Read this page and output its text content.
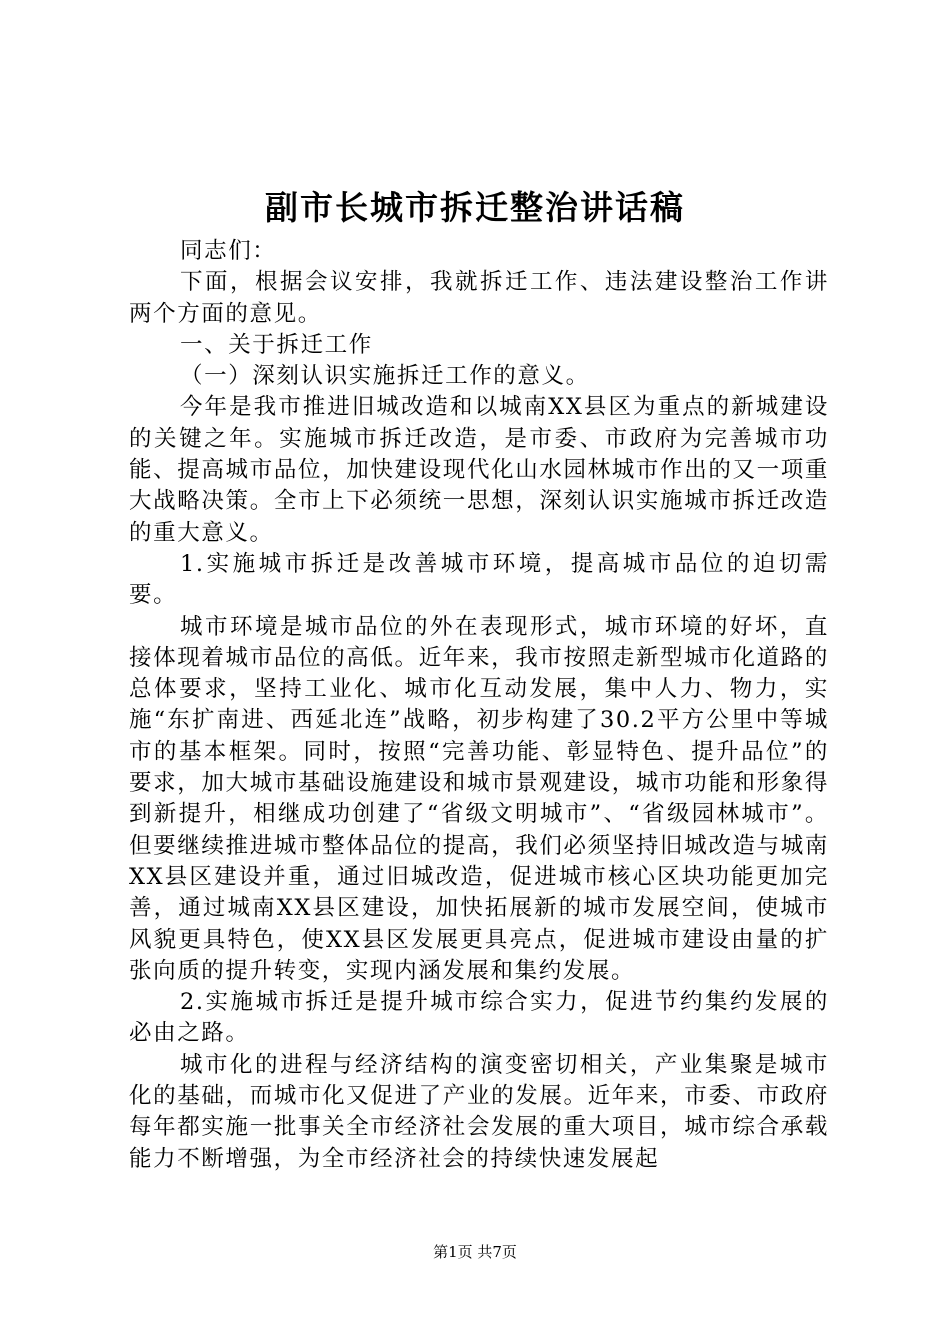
副市长城市拆迁整治讲话稿

同志们：

下面，根据会议安排，我就拆迁工作、违法建设整治工作讲两个方面的意见。

一、关于拆迁工作

（一）深刻认识实施拆迁工作的意义。

今年是我市推进旧城改造和以城南XX县区为重点的新城建设的关键之年。实施城市拆迁改造，是市委、市政府为完善城市功能、提高城市品位，加快建设现代化山水园林城市作出的又一项重大战略决策。全市上下必须统一思想，深刻认识实施城市拆迁改造的重大意义。

1.实施城市拆迁是改善城市环境，提高城市品位的迫切需要。

城市环境是城市品位的外在表现形式，城市环境的好坏，直接体现着城市品位的高低。近年来，我市按照走新型城市化道路的总体要求，坚持工业化、城市化互动发展，集中人力、物力，实施“东扩南进、西延北连”战略，初步构建了30.2平方公里中等城市的基本框架。同时，按照“完善功能、彰显特色、提升品位”的要求，加大城市基础设施建设和城市景观建设，城市功能和形象得到新提升，相继成功创建了“省级文明城市”、“省级园林城市”。但要继续推进城市整体品位的提高，我们必须坚持旧城改造与城南XX县区建设并重，通过旧城改造，促进城市核心区块功能更加完善，通过城南XX县区建设，加快拓展新的城市发展空间，使城市风貌更具特色，使XX县区发展更具亮点，促进城市建设由量的扩张向质的提升转变，实现内涵发展和集约发展。

2.实施城市拆迁是提升城市综合实力，促进节约集约发展的必由之路。

城市化的进程与经济结构的演变密切相关，产业集聚是城市化的基础，而城市化又促进了产业的发展。近年来，市委、市政府每年都实施一批事关全市经济社会发展的重大项目，城市综合承载能力不断增强，为全市经济社会的持续快速发展起

第1页 共7页
